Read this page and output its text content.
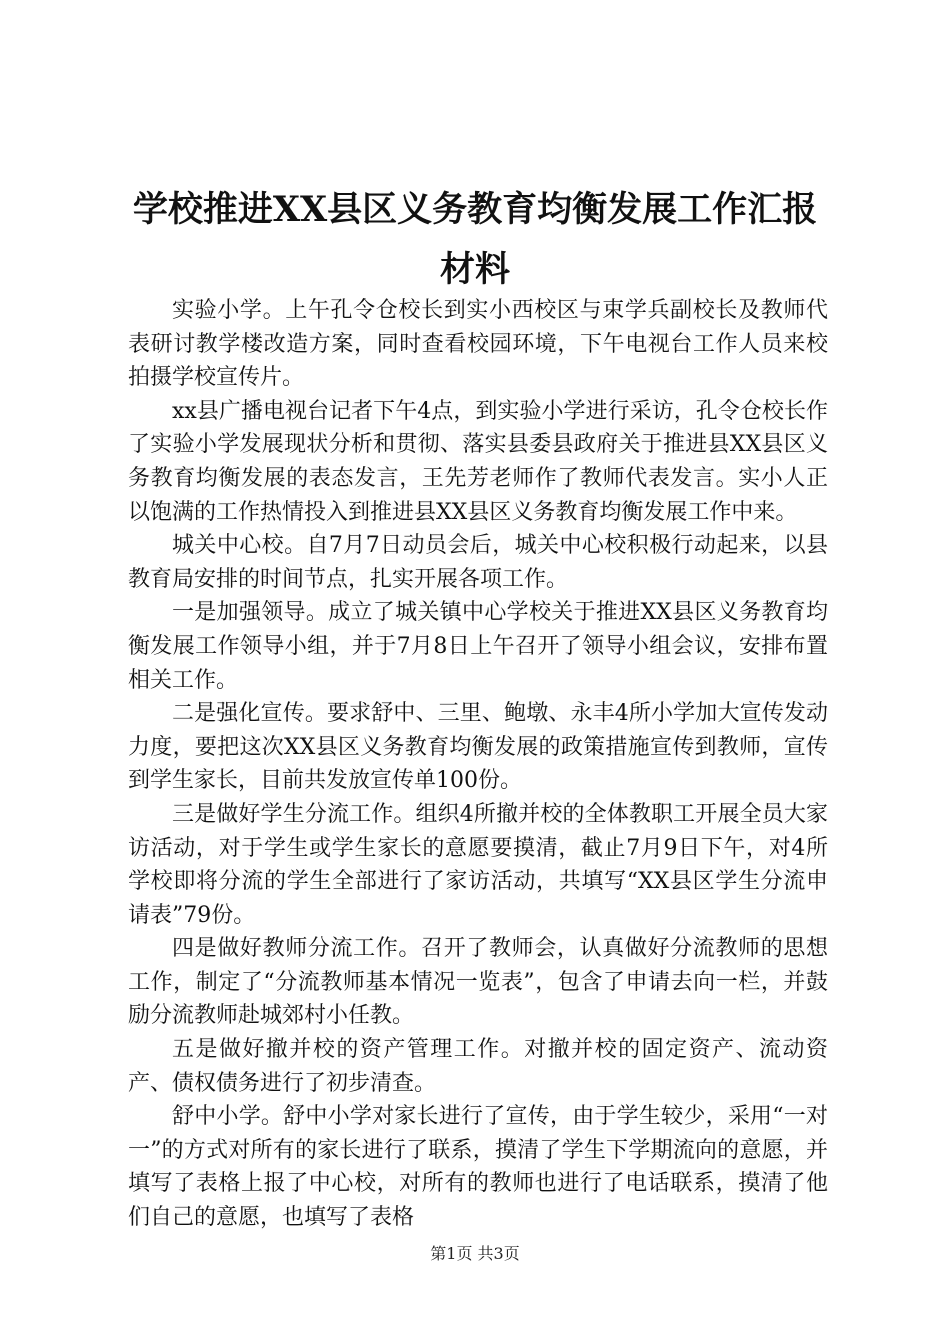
学校推进XX县区义务教育均衡发展工作汇报
材料

实验小学。上午孔令仓校长到实小西校区与束学兵副校长及教师代表研讨教学楼改造方案，同时查看校园环境，下午电视台工作人员来校拍摄学校宣传片。

xx县广播电视台记者下午4点，到实验小学进行采访，孔令仓校长作了实验小学发展现状分析和贯彻、落实县委县政府关于推进县XX县区义务教育均衡发展的表态发言，王先芳老师作了教师代表发言。实小人正以饱满的工作热情投入到推进县XX县区义务教育均衡发展工作中来。

城关中心校。自7月7日动员会后，城关中心校积极行动起来，以县教育局安排的时间节点，扎实开展各项工作。

一是加强领导。成立了城关镇中心学校关于推进XX县区义务教育均衡发展工作领导小组，并于7月8日上午召开了领导小组会议，安排布置相关工作。

二是强化宣传。要求舒中、三里、鲍墩、永丰4所小学加大宣传发动力度，要把这次XX县区义务教育均衡发展的政策措施宣传到教师，宣传到学生家长，目前共发放宣传单100份。

三是做好学生分流工作。组织4所撤并校的全体教职工开展全员大家访活动，对于学生或学生家长的意愿要摸清，截止7月9日下午，对4所学校即将分流的学生全部进行了家访活动，共填写“XX县区学生分流申请表”79份。

四是做好教师分流工作。召开了教师会，认真做好分流教师的思想工作，制定了“分流教师基本情况一览表”，包含了申请去向一栏，并鼓励分流教师赴城郊村小任教。

五是做好撤并校的资产管理工作。对撤并校的固定资产、流动资产、债权债务进行了初步清查。

舒中小学。舒中小学对家长进行了宣传，由于学生较少，采用“一对一”的方式对所有的家长进行了联系，摸清了学生下学期流向的意愿，并填写了表格上报了中心校，对所有的教师也进行了电话联系，摸清了他们自己的意愿，也填写了表格

第1页 共3页
